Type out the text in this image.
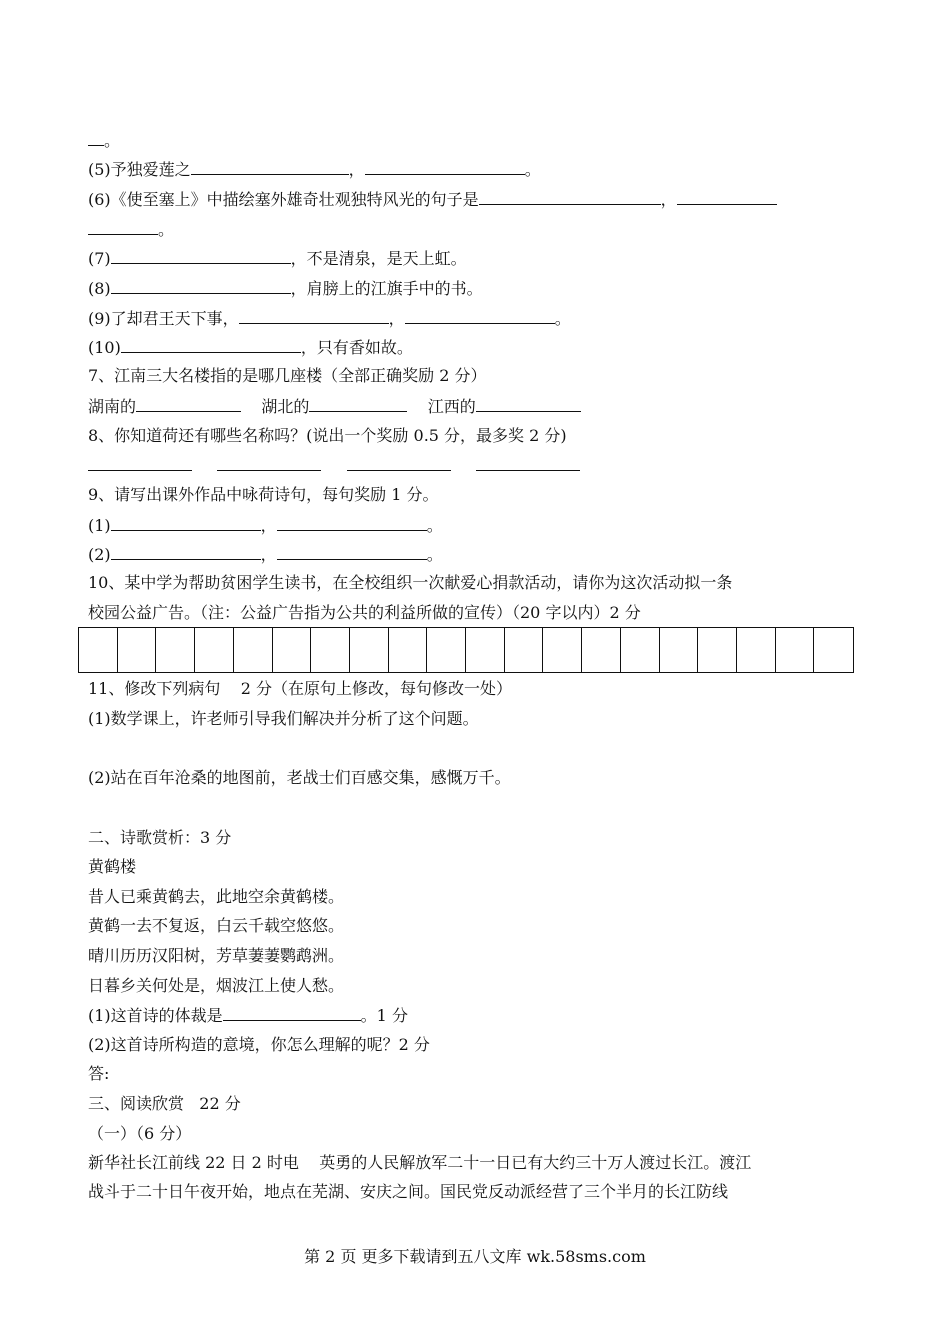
。
(5)予独爱莲之	，	。
(6)《使至塞上》中描绘塞外雄奇壮观独特风光的句子是	，
。
(7)	，不是清泉，是天上虹。
(8)	，肩膀上的江旗手中的书。
(9)了却君王天下事，	，	。
(10)	，只有香如故。
7、江南三大名楼指的是哪几座楼（全部正确奖励 2 分）
湖南的	湖北的	江西的
8、你知道荷还有哪些名称吗？(说出一个奖励 0.5 分，最多奖 2 分)

9、请写出课外作品中咏荷诗句，每句奖励 1 分。
(1)	，	。
(2)	，	。
10、某中学为帮助贫困学生读书，在全校组织一次献爱心捐款活动，请你为这次活动拟一条
校园公益广告。（注：公益广告指为公共的利益所做的宣传）（20 字以内）2 分
11、修改下列病句    2 分（在原句上修改，每句修改一处）
(1)数学课上，许老师引导我们解决并分析了这个问题。
(2)站在百年沧桑的地图前，老战士们百感交集，感慨万千。
二、诗歌赏析：3 分
黄鹤楼
昔人已乘黄鹤去，此地空余黄鹤楼。
黄鹤一去不复返，白云千载空悠悠。
晴川历历汉阳树，芳草萋萋鹦鹉洲。
日暮乡关何处是，烟波江上使人愁。
(1)这首诗的体裁是	。1 分
(2)这首诗所构造的意境，你怎么理解的呢？2 分
答:
三、阅读欣赏   22 分
（一）（6 分）
新华社长江前线 22 日 2 时电    英勇的人民解放军二十一日已有大约三十万人渡过长江。渡江
战斗于二十日午夜开始，地点在芜湖、安庆之间。国民党反动派经营了三个半月的长江防线
第 2 页 更多下载请到五八文库 wk.58sms.com
